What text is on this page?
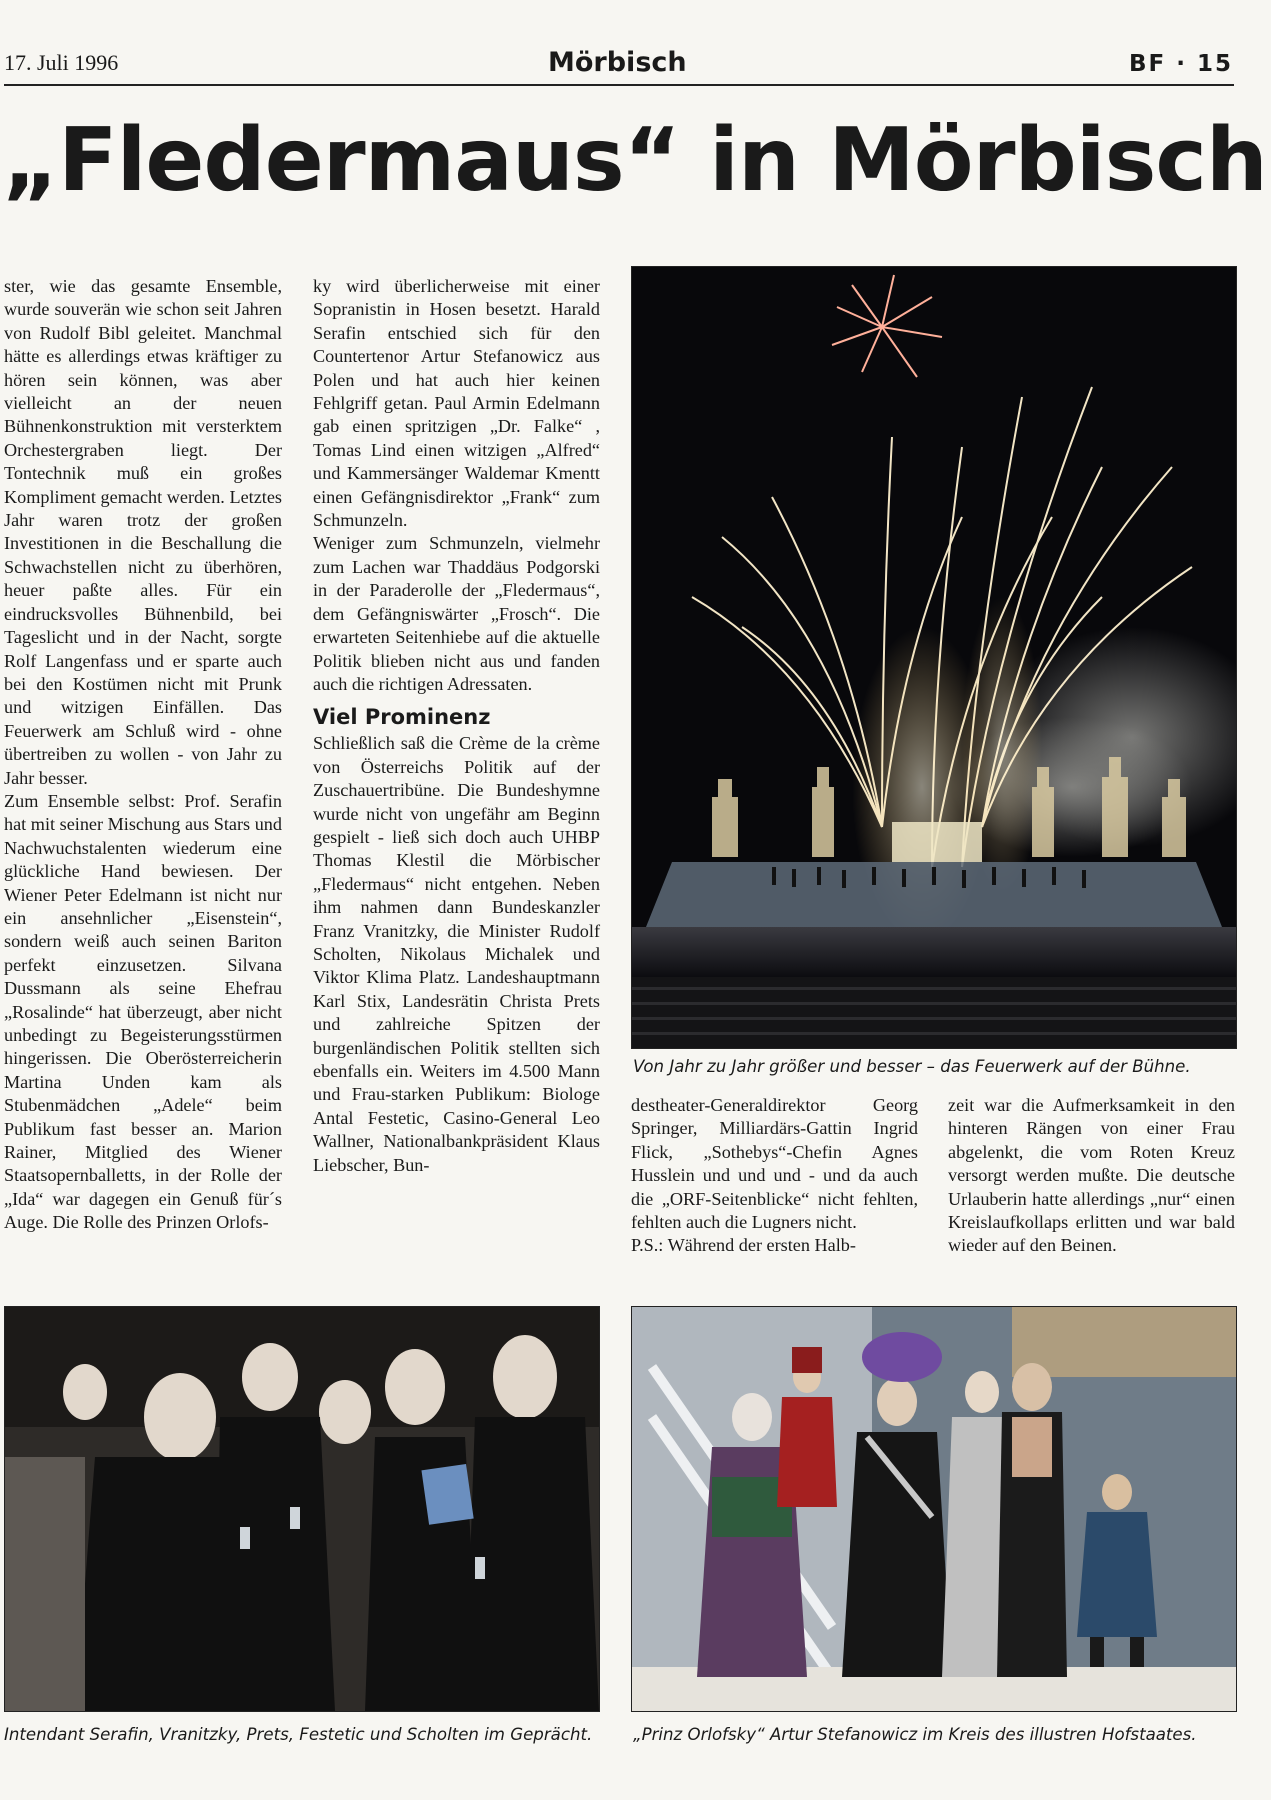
17. Juli 1996	Mörbisch	BF · 15
„Fledermaus“ in Mörbisch

ster, wie das gesamte Ensemble, wurde souverän wie schon seit Jahren von Rudolf Bibl geleitet. Manchmal hätte es allerdings etwas kräftiger zu hören sein können, was aber vielleicht an der neuen Bühnenkonstruktion mit versterktem Orchestergraben liegt. Der Tontechnik muß ein großes Kompliment gemacht werden. Letztes Jahr waren trotz der großen Investitionen in die Beschallung die Schwachstellen nicht zu überhören, heuer paßte alles. Für ein eindrucksvolles Bühnenbild, bei Tageslicht und in der Nacht, sorgte Rolf Langenfass und er sparte auch bei den Kostümen nicht mit Prunk und witzigen Einfällen. Das Feuerwerk am Schluß wird - ohne übertreiben zu wollen - von Jahr zu Jahr besser.

Zum Ensemble selbst: Prof. Serafin hat mit seiner Mischung aus Stars und Nachwuchstalenten wiederum eine glückliche Hand bewiesen. Der Wiener Peter Edelmann ist nicht nur ein ansehnlicher „Eisenstein“, sondern weiß auch seinen Bariton perfekt einzusetzen. Silvana Dussmann als seine Ehefrau „Rosalinde“ hat überzeugt, aber nicht unbedingt zu Begeisterungsstürmen hingerissen. Die Oberösterreicherin Martina Unden kam als Stubenmädchen „Adele“ beim Publikum fast besser an. Marion Rainer, Mitglied des Wiener Staatsopernballetts, in der Rolle der „Ida“ war dagegen ein Genuß für´s Auge. Die Rolle des Prinzen Orlofs-

ky wird überlicherweise mit einer Sopranistin in Hosen besetzt. Harald Serafin entschied sich für den Countertenor Artur Stefanowicz aus Polen und hat auch hier keinen Fehlgriff getan. Paul Armin Edelmann gab einen spritzigen „Dr. Falke“ , Tomas Lind einen witzigen „Alfred“ und Kammersänger Waldemar Kmentt einen Gefängnisdirektor „Frank“ zum Schmunzeln.

Weniger zum Schmunzeln, vielmehr zum Lachen war Thaddäus Podgorski in der Paraderolle der „Fledermaus“, dem Gefängniswärter „Frosch“. Die erwarteten Seitenhiebe auf die aktuelle Politik blieben nicht aus und fanden auch die richtigen Adressaten.

Viel Prominenz

Schließlich saß die Crème de la crème von Österreichs Politik auf der Zuschauertribüne. Die Bundeshymne wurde nicht von ungefähr am Beginn gespielt - ließ sich doch auch UHBP Thomas Klestil die Mörbischer „Fledermaus“ nicht entgehen. Neben ihm nahmen dann Bundeskanzler Franz Vranitzky, die Minister Rudolf Scholten, Nikolaus Michalek und Viktor Klima Platz. Landeshauptmann Karl Stix, Landesrätin Christa Prets und zahlreiche Spitzen der burgenländischen Politik stellten sich ebenfalls ein. Weiters im 4.500 Mann und Frau-starken Publikum: Biologe Antal Festetic, Casino-General Leo Wallner, Nationalbankpräsident Klaus Liebscher, Bun-

destheater-Generaldirektor Georg Springer, Milliardärs-Gattin Ingrid Flick, „Sothebys“-Chefin Agnes Husslein und und und - und da auch die „ORF-Seitenblicke“ nicht fehlten, fehlten auch die Lugners nicht.

P.S.: Während der ersten Halb-

zeit war die Aufmerksamkeit in den hinteren Rängen von einer Frau abgelenkt, die vom Roten Kreuz versorgt werden mußte. Die deutsche Urlauberin hatte allerdings „nur“ einen Kreislaufkollaps erlitten und war bald wieder auf den Beinen.

Von Jahr zu Jahr größer und besser – das Feuerwerk auf der Bühne.
Intendant Serafin, Vranitzky, Prets, Festetic und Scholten im Geprächt. „Prinz Orlofsky“ Artur Stefanowicz im Kreis des illustren Hofstaates.
